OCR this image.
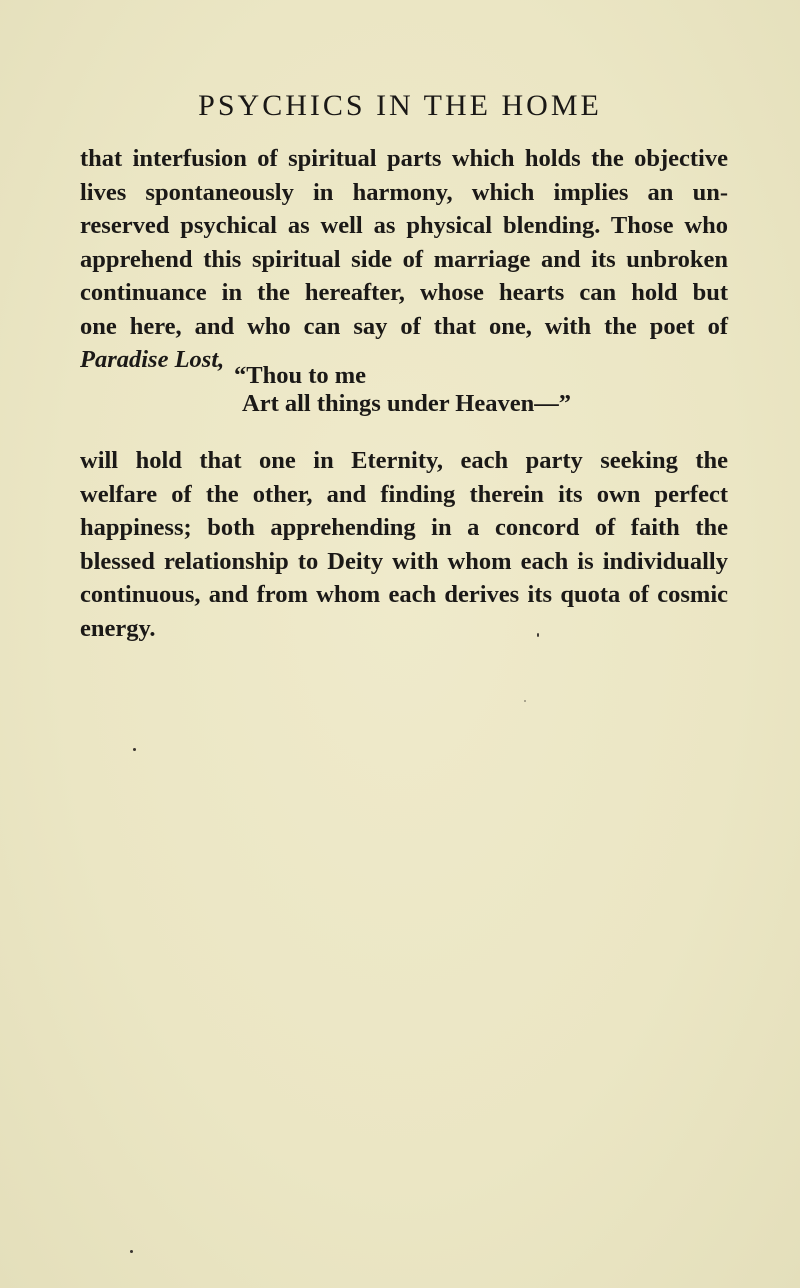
PSYCHICS IN THE HOME
that interfusion of spiritual parts which holds the objective
lives spontaneously in harmony, which implies an un-
reserved psychical as well as physical blending. Those who
apprehend this spiritual side of marriage and its unbroken
continuance in the hereafter, whose hearts can hold but
one here, and who can say of that one, with the poet of
Paradise Lost,
“Thou to me
Art all things under Heaven—”
will hold that one in Eternity, each party seeking the
welfare of the other, and finding therein its own perfect
happiness; both apprehending in a concord of faith the
blessed relationship to Deity with whom each is individually
continuous, and from whom each derives its quota of cosmic
energy.
